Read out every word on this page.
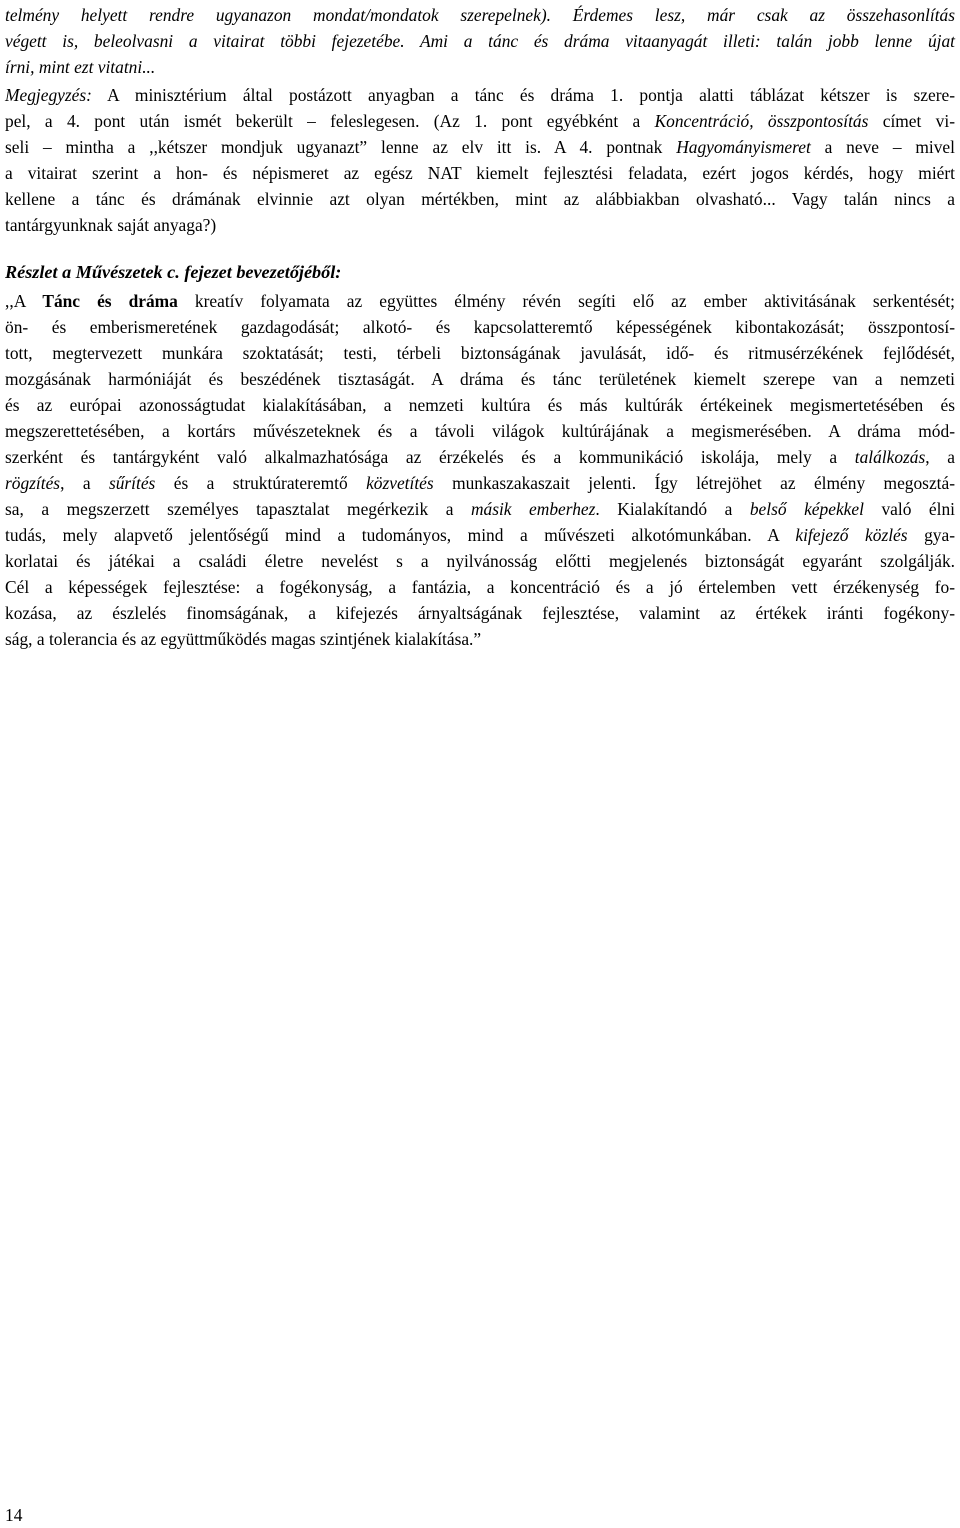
telmény helyett rendre ugyanazon mondat/mondatok szerepelnek). Érdemes lesz, már csak az összehasonlítás
végett is, beleolvasni a vitairat többi fejezetébe. Ami a tánc és dráma vitaanyagát illeti: talán jobb lenne újat
írni, mint ezt vitatni...
Megjegyzés: A minisztérium által postázott anyagban a tánc és dráma 1. pontja alatti táblázat kétszer is szere-
pel, a 4. pont után ismét bekerült – feleslegesen. (Az 1. pont egyébként a Koncentráció, összpontosítás címet vi-
seli – mintha a ,,kétszer mondjuk ugyanazt” lenne az elv itt is. A 4. pontnak Hagyományismeret a neve – mivel
a vitairat szerint a hon- és népismeret az egész NAT kiemelt fejlesztési feladata, ezért jogos kérdés, hogy miért
kellene a tánc és drámának elvinnie azt olyan mértékben, mint az alábbiakban olvasható... Vagy talán nincs a
tantárgyunknak saját anyaga?)
,,A Tánc és dráma kreatív folyamata az együttes élmény révén segíti elő az ember aktivitásának serkentését;
ön- és emberismeretének gazdagodását; alkotó- és kapcsolatteremtő képességének kibontakozását; összpontosí-
tott, megtervezett munkára szoktatását; testi, térbeli biztonságának javulását, idő- és ritmusérzékének fejlődését,
mozgásának harmóniáját és beszédének tisztaságát. A dráma és tánc területének kiemelt szerepe van a nemzeti
és az európai azonosságtudat kialakításában, a nemzeti kultúra és más kultúrák értékeinek megismertetésében és
megszerettetésében, a kortárs művészeteknek és a távoli világok kultúrájának a megismerésében. A dráma mód-
szerként és tantárgyként való alkalmazhatósága az érzékelés és a kommunikáció iskolája, mely a találkozás, a
rögzítés, a sűrítés és a struktúrateremtő közvetítés munkaszakaszait jelenti. Így létrejöhet az élmény megosztá-
sa, a megszerzett személyes tapasztalat megérkezik a másik emberhez. Kialakítandó a belső képekkel való élni
tudás, mely alapvető jelentőségű mind a tudományos, mind a művészeti alkotómunkában. A kifejező közlés gya-
korlatai és játékai a családi életre nevelést s a nyilvánosság előtti megjelenés biztonságát egyaránt szolgálják.
Cél a képességek fejlesztése: a fogékonyság, a fantázia, a koncentráció és a jó értelemben vett érzékenység fo-
kozása, az észlelés finomságának, a kifejezés árnyaltságának fejlesztése, valamint az értékek iránti fogékony-
ság, a tolerancia és az együttműködés magas szintjének kialakítása.”
Részlet a Művészetek c. fejezet bevezetőjéből:
14
